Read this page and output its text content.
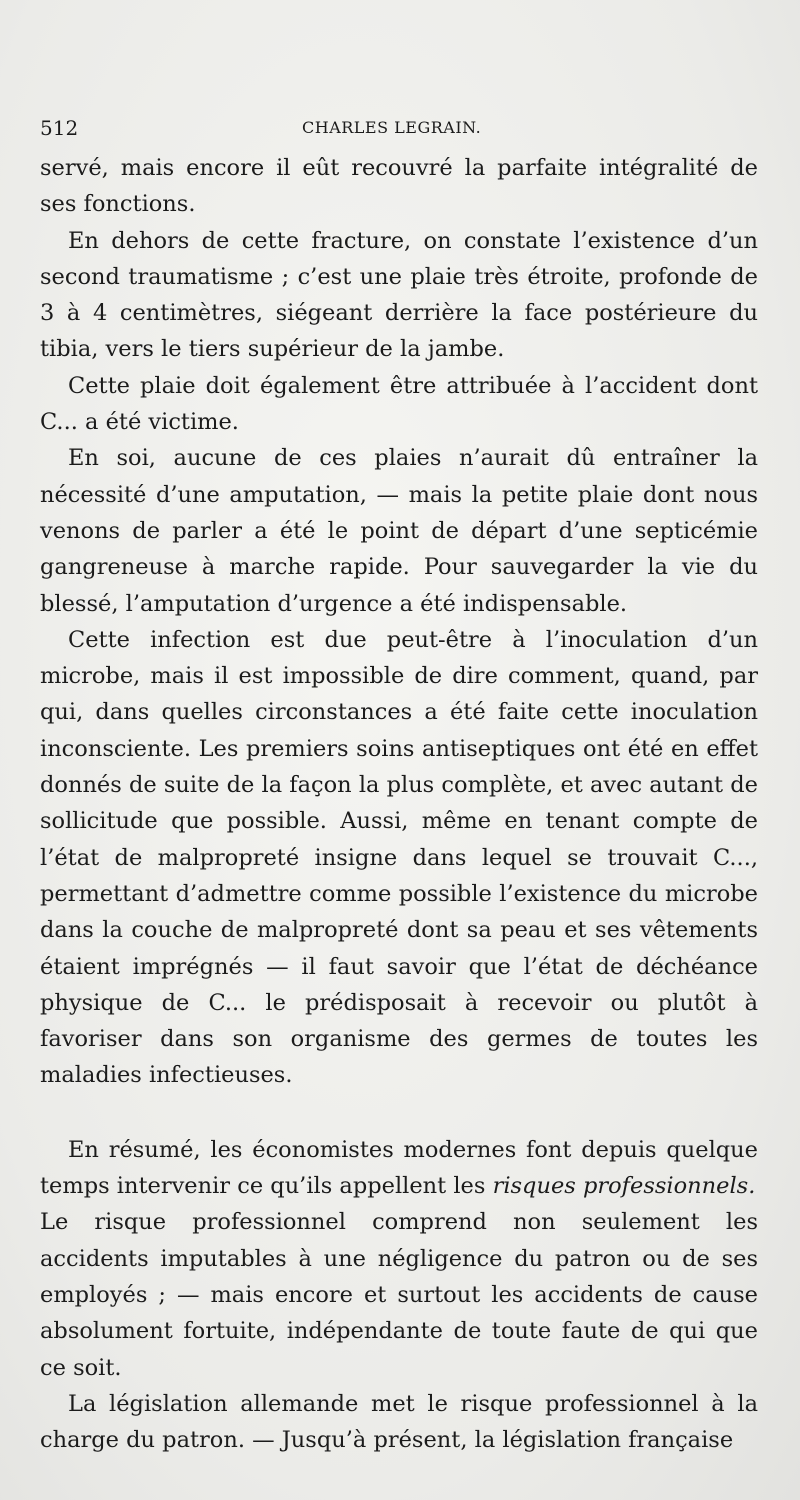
512	CHARLES LEGRAIN.

servé, mais encore il eût recouvré la parfaite intégralité de ses fonctions.

En dehors de cette fracture, on constate l’existence d’un second traumatisme ; c’est une plaie très étroite, profonde de 3 à 4 centimètres, siégeant derrière la face postérieure du tibia, vers le tiers supérieur de la jambe.

Cette plaie doit également être attribuée à l’accident dont C... a été victime.

En soi, aucune de ces plaies n’aurait dû entraîner la nécessité d’une amputation, — mais la petite plaie dont nous venons de parler a été le point de départ d’une septicémie gangreneuse à marche rapide. Pour sauvegarder la vie du blessé, l’amputation d’urgence a été indispensable.

Cette infection est due peut-être à l’inoculation d’un microbe, mais il est impossible de dire comment, quand, par qui, dans quelles circonstances a été faite cette inoculation inconsciente. Les premiers soins antiseptiques ont été en effet donnés de suite de la façon la plus complète, et avec autant de sollicitude que possible. Aussi, même en tenant compte de l’état de malpropreté insigne dans lequel se trouvait C..., permettant d’admettre comme possible l’existence du microbe dans la couche de malpropreté dont sa peau et ses vêtements étaient imprégnés — il faut savoir que l’état de déchéance physique de C... le prédisposait à recevoir ou plutôt à favoriser dans son organisme des germes de toutes les maladies infectieuses.

En résumé, les économistes modernes font depuis quelque temps intervenir ce qu’ils appellent les risques professionnels.

Le risque professionnel comprend non seulement les accidents imputables à une négligence du patron ou de ses employés ; — mais encore et surtout les accidents de cause absolument fortuite, indépendante de toute faute de qui que ce soit.

La législation allemande met le risque professionnel à la charge du patron. — Jusqu’à présent, la législation française
